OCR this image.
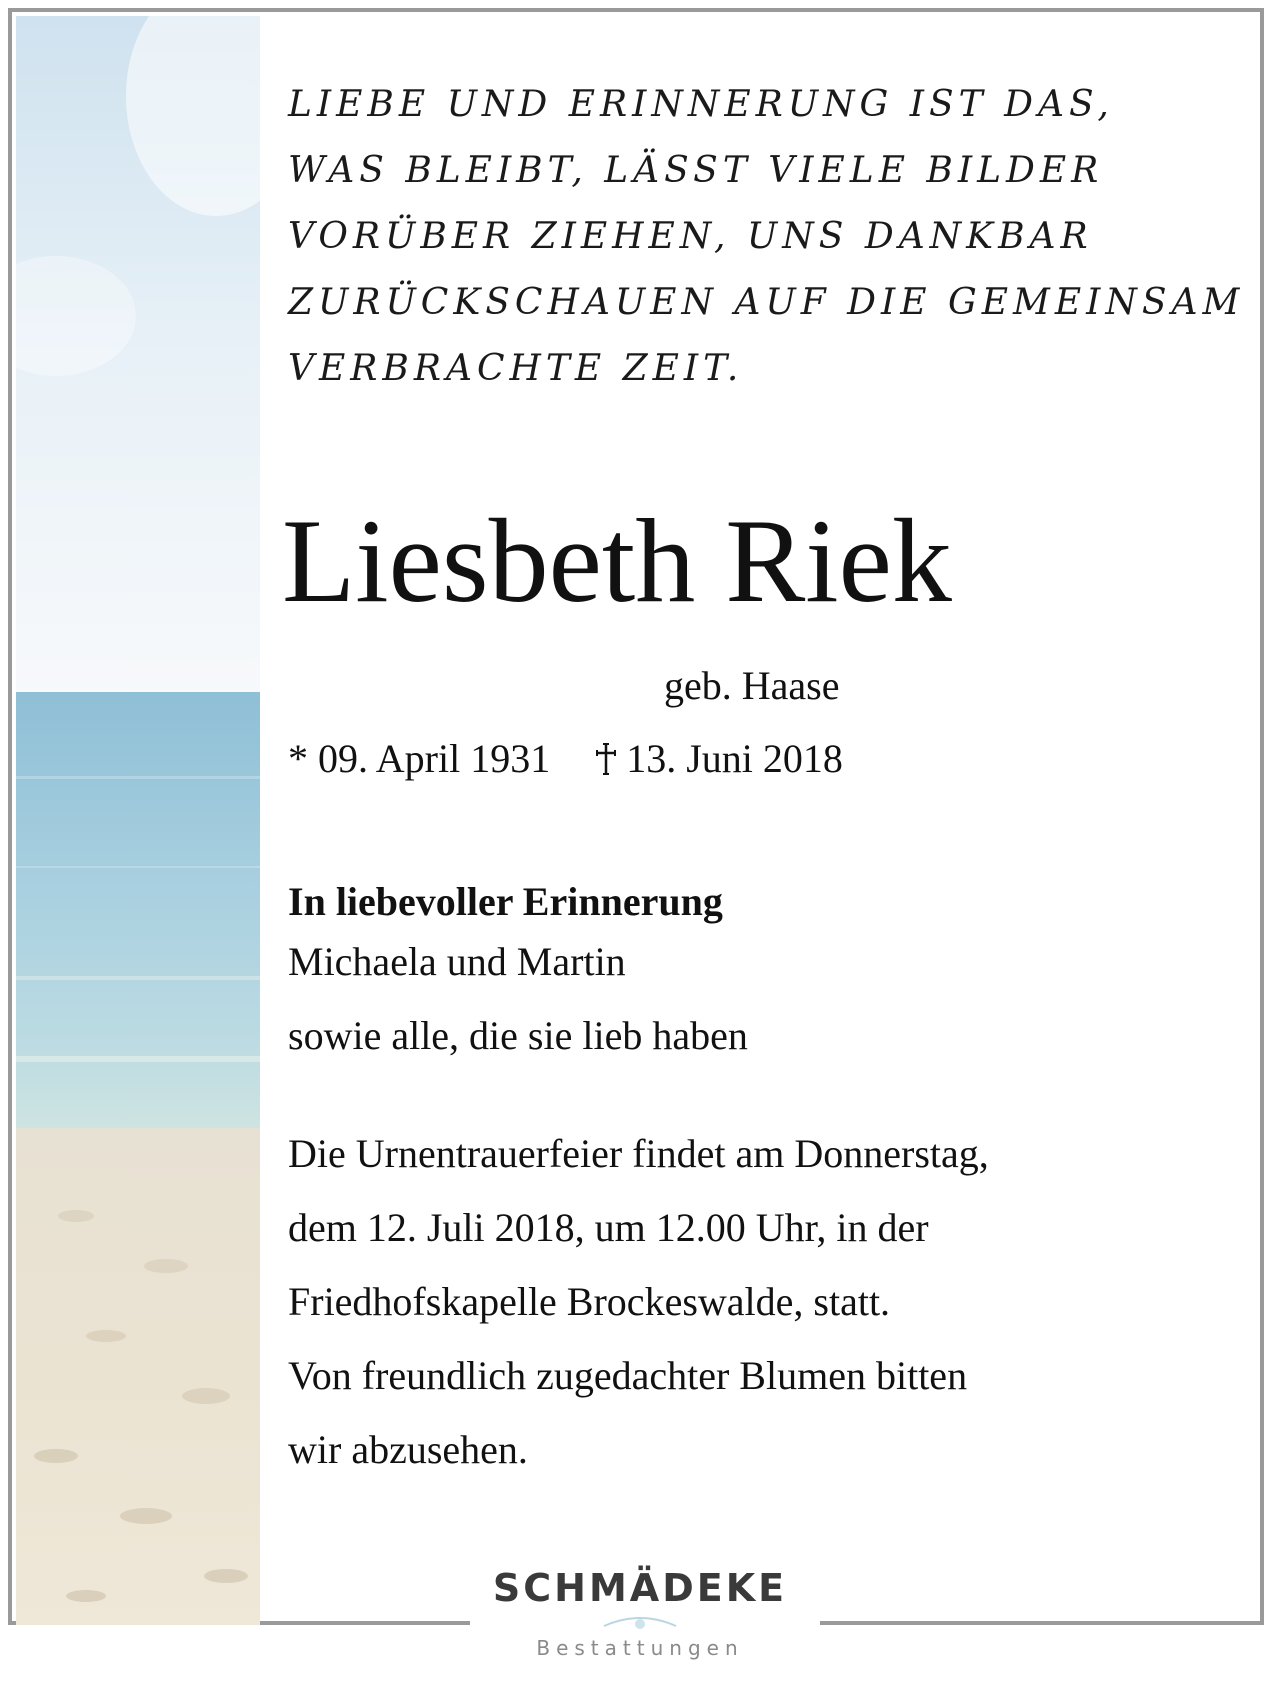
LIEBE UND ERINNERUNG IST DAS,
WAS BLEIBT, LÄSST VIELE BILDER
VORÜBER ZIEHEN, UNS DANKBAR
ZURÜCKSCHAUEN AUF DIE GEMEINSAM
VERBRACHTE ZEIT.
Liesbeth Riek
geb. Haase
* 09. April 1931 13. Juni 2018
In liebevoller Erinnerung
Michaela und Martin
sowie alle, die sie lieb haben
Die Urnentrauerfeier findet am Donnerstag,
dem 12. Juli 2018, um 12.00 Uhr, in der
Friedhofskapelle Brockeswalde, statt.
Von freundlich zugedachter Blumen bitten
wir abzusehen.
SCHMÄDEKE
Bestattungen
